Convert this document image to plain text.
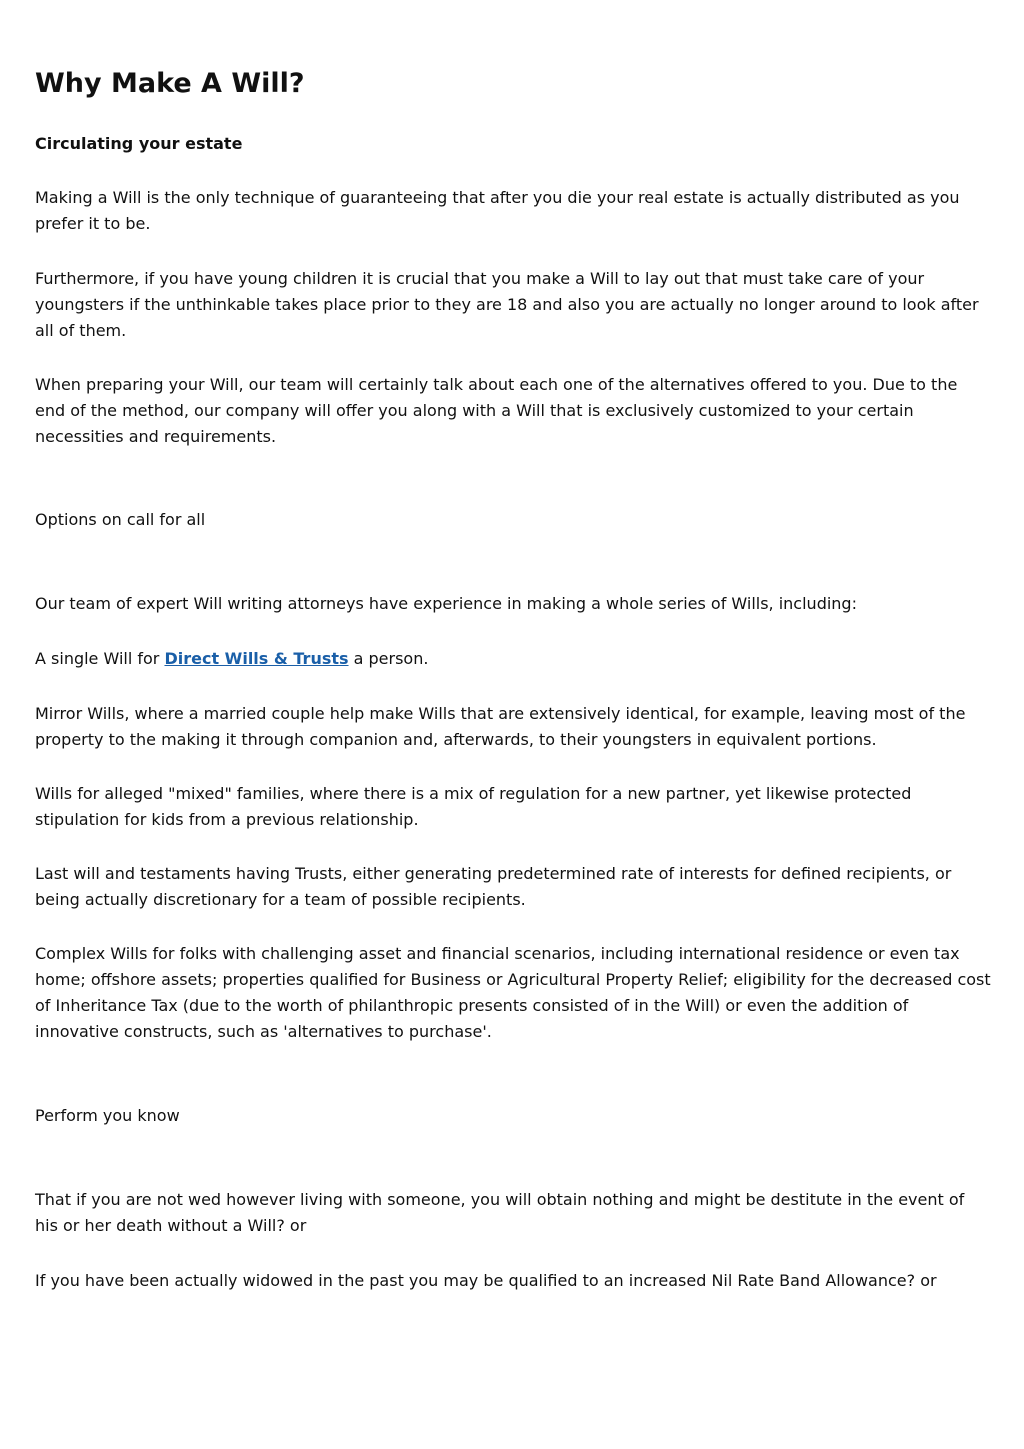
Why Make A Will?
Circulating your estate

Making a Will is the only technique of guaranteeing that after you die your real estate is actually distributed as you prefer it to be.

Furthermore, if you have young children it is crucial that you make a Will to lay out that must take care of your youngsters if the unthinkable takes place prior to they are 18 and also you are actually no longer around to look after all of them.

When preparing your Will, our team will certainly talk about each one of the alternatives offered to you. Due to the end of the method, our company will offer you along with a Will that is exclusively customized to your certain necessities and requirements.

Options on call for all

Our team of expert Will writing attorneys have experience in making a whole series of Wills, including:

A single Will for Direct Wills & Trusts a person.

Mirror Wills, where a married couple help make Wills that are extensively identical, for example, leaving most of the property to the making it through companion and, afterwards, to their youngsters in equivalent portions.

Wills for alleged "mixed" families, where there is a mix of regulation for a new partner, yet likewise protected stipulation for kids from a previous relationship.

Last will and testaments having Trusts, either generating predetermined rate of interests for defined recipients, or being actually discretionary for a team of possible recipients.

Complex Wills for folks with challenging asset and financial scenarios, including international residence or even tax home; offshore assets; properties qualified for Business or Agricultural Property Relief; eligibility for the decreased cost of Inheritance Tax (due to the worth of philanthropic presents consisted of in the Will) or even the addition of innovative constructs, such as 'alternatives to purchase'.

Perform you know

That if you are not wed however living with someone, you will obtain nothing and might be destitute in the event of his or her death without a Will? or

If you have been actually widowed in the past you may be qualified to an increased Nil Rate Band Allowance? or
